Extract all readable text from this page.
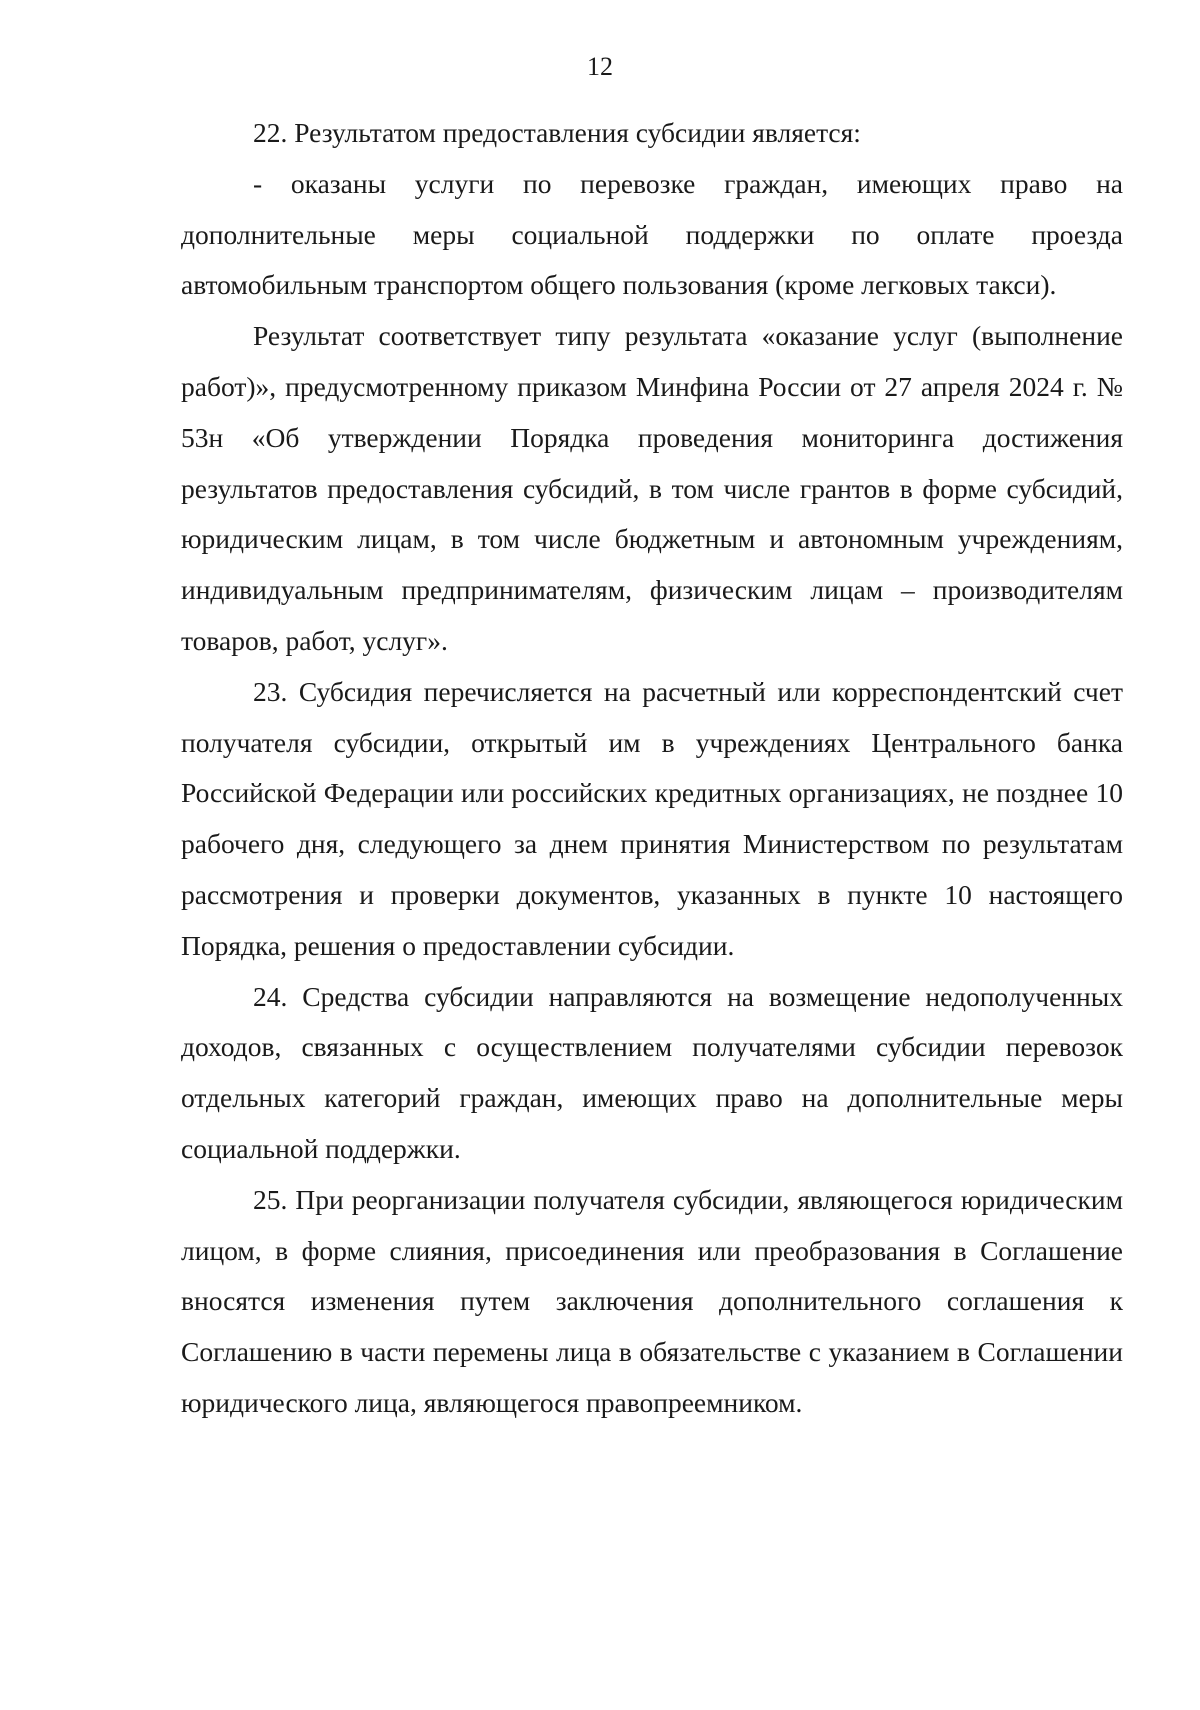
12

22. Результатом предоставления субсидии является:

- оказаны услуги по перевозке граждан, имеющих право на дополнительные меры социальной поддержки по оплате проезда автомобильным транспортом общего пользования (кроме легковых такси).

Результат соответствует типу результата «оказание услуг (выполнение работ)», предусмотренному приказом Минфина России от 27 апреля 2024 г. № 53н «Об утверждении Порядка проведения мониторинга достижения результатов предоставления субсидий, в том числе грантов в форме субсидий, юридическим лицам, в том числе бюджетным и автономным учреждениям, индивидуальным предпринимателям, физическим лицам – производителям товаров, работ, услуг».

23. Субсидия перечисляется на расчетный или корреспондентский счет получателя субсидии, открытый им в учреждениях Центрального банка Российской Федерации или российских кредитных организациях, не позднее 10 рабочего дня, следующего за днем принятия Министерством по результатам рассмотрения и проверки документов, указанных в пункте 10 настоящего Порядка, решения о предоставлении субсидии.

24. Средства субсидии направляются на возмещение недополученных доходов, связанных с осуществлением получателями субсидии перевозок отдельных категорий граждан, имеющих право на дополнительные меры социальной поддержки.

25. При реорганизации получателя субсидии, являющегося юридическим лицом, в форме слияния, присоединения или преобразования в Соглашение вносятся изменения путем заключения дополнительного соглашения к Соглашению в части перемены лица в обязательстве с указанием в Соглашении юридического лица, являющегося правопреемником.
